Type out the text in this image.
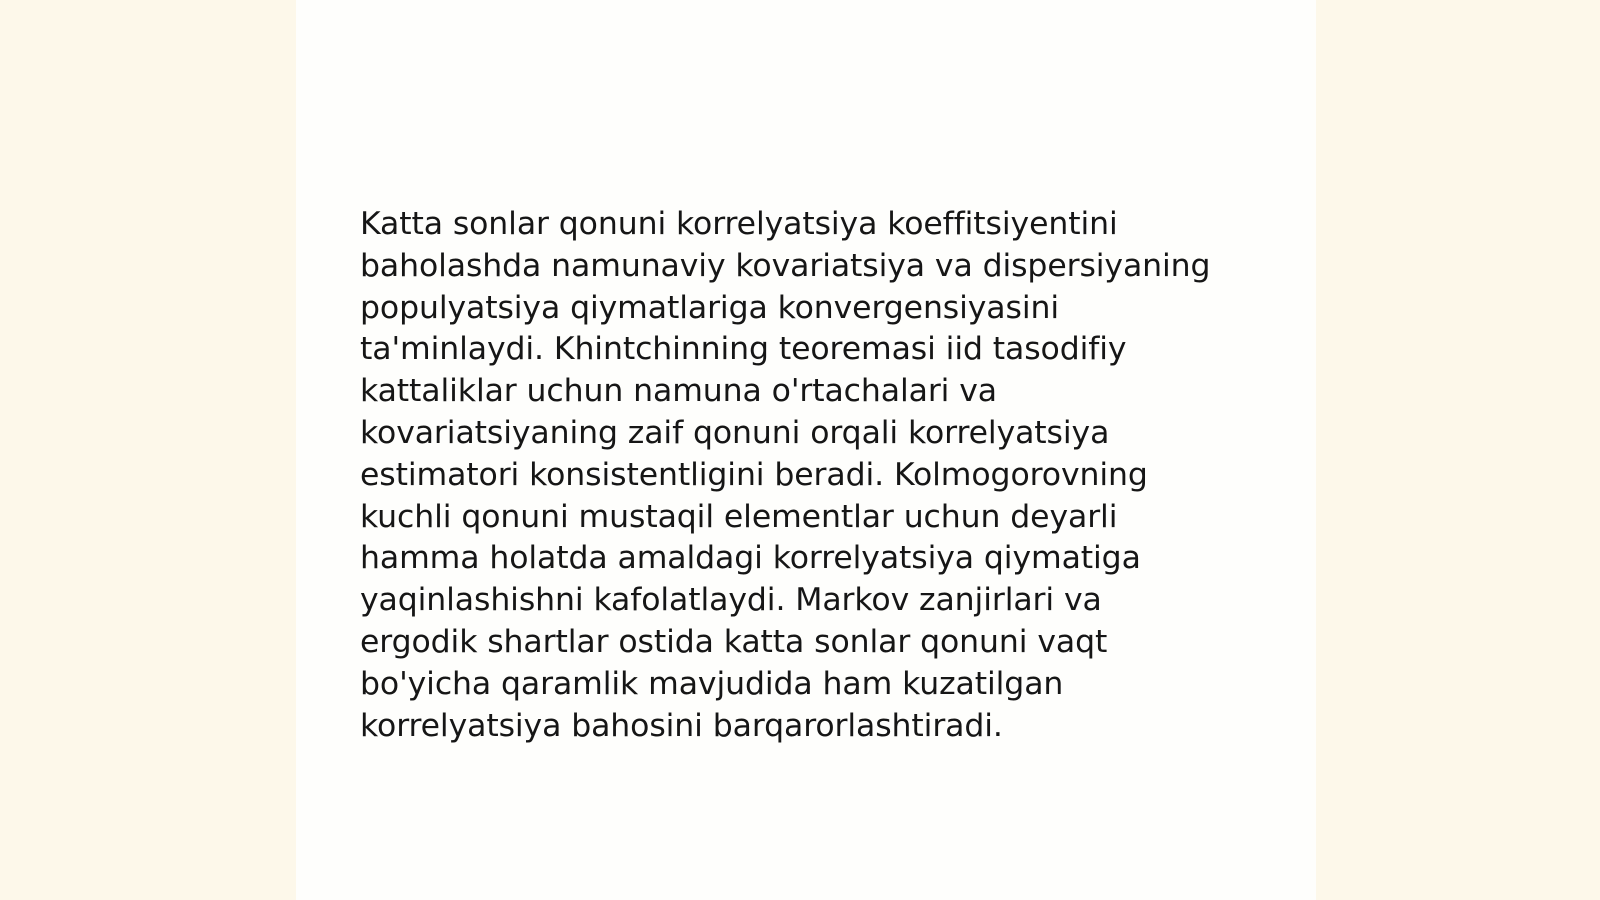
Katta sonlar qonuni korrelyatsiya koeffitsiyentini
baholashda namunaviy kovariatsiya va dispersiyaning
populyatsiya qiymatlariga konvergensiyasini
ta'minlaydi. Khintchinning teoremasi iid tasodifiy
kattaliklar uchun namuna o'rtachalari va
kovariatsiyaning zaif qonuni orqali korrelyatsiya
estimatori konsistentligini beradi. Kolmogorovning
kuchli qonuni mustaqil elementlar uchun deyarli
hamma holatda amaldagi korrelyatsiya qiymatiga
yaqinlashishni kafolatlaydi. Markov zanjirlari va
ergodik shartlar ostida katta sonlar qonuni vaqt
bo'yicha qaramlik mavjudida ham kuzatilgan
korrelyatsiya bahosini barqarorlashtiradi.
